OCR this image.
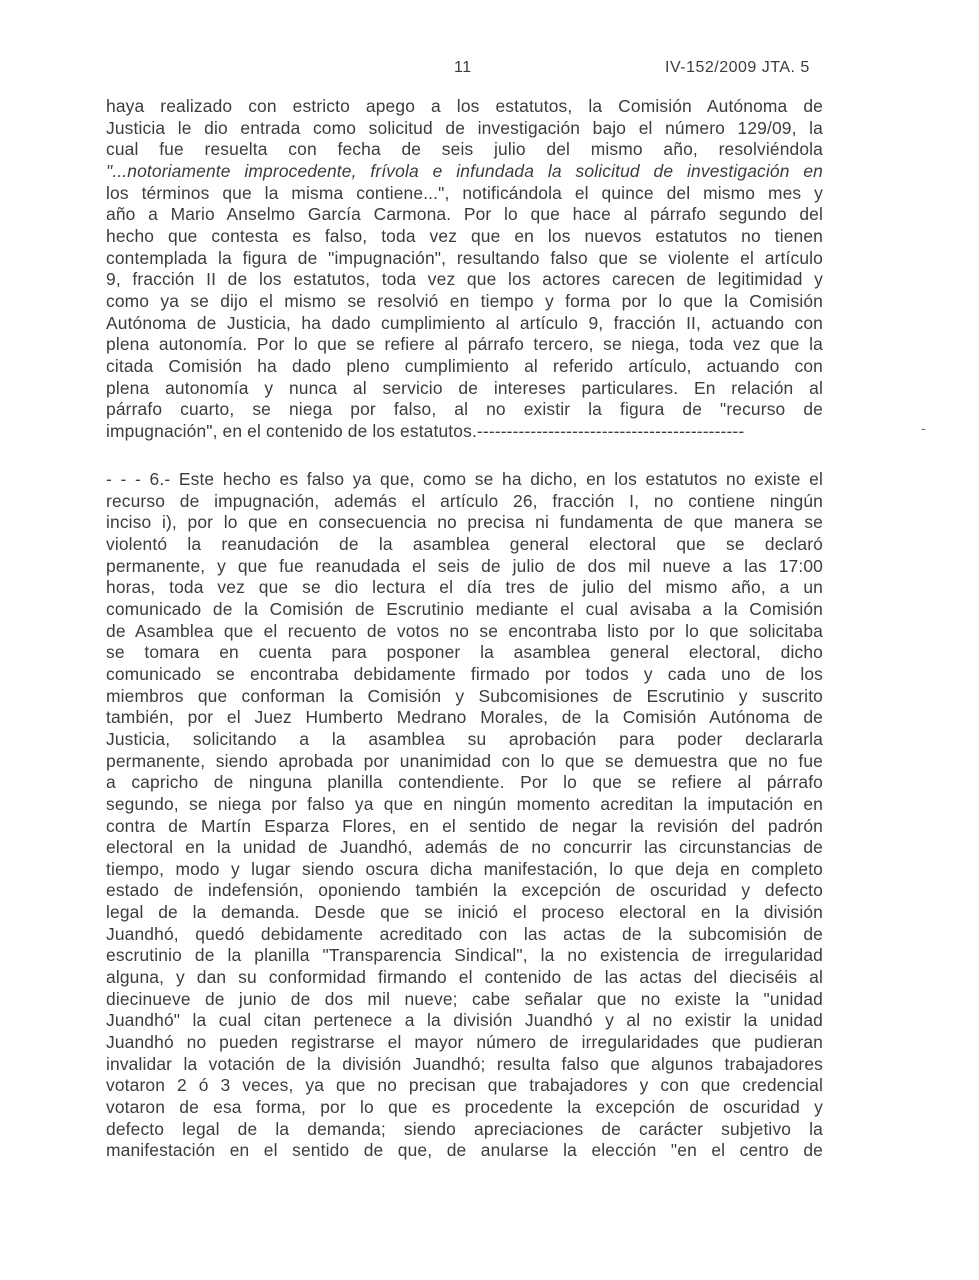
11	IV-152/2009 JTA. 5
haya realizado con estricto apego a los estatutos, la Comisión Autónoma de
Justicia le dio entrada como solicitud de investigación bajo el número 129/09, la
cual fue resuelta con fecha de seis julio del mismo año, resolviéndola
"...notoriamente improcedente, frívola e infundada la solicitud de investigación en
los términos que la misma contiene...", notificándola el quince del mismo mes y
año a Mario Anselmo García Carmona. Por lo que hace al párrafo segundo del
hecho que contesta es falso, toda vez que en los nuevos estatutos no tienen
contemplada la figura de "impugnación", resultando falso que se violente el artículo
9, fracción II de los estatutos, toda vez que los actores carecen de legitimidad y
como ya se dijo el mismo se resolvió en tiempo y forma por lo que la Comisión
Autónoma de Justicia, ha dado cumplimiento al artículo 9, fracción II, actuando con
plena autonomía. Por lo que se refiere al párrafo tercero, se niega, toda vez que la
citada Comisión ha dado pleno cumplimiento al referido artículo, actuando con
plena autonomía y nunca al servicio de intereses particulares. En relación al
párrafo cuarto, se niega por falso, al no existir la figura de "recurso de
impugnación", en el contenido de los estatutos.---------------------------------------------	-
- - - 6.- Este hecho es falso ya que, como se ha dicho, en los estatutos no existe el
recurso de impugnación, además el artículo 26, fracción I, no contiene ningún
inciso i), por lo que en consecuencia no precisa ni fundamenta de que manera se
violentó la reanudación de la asamblea general electoral que se declaró
permanente, y que fue reanudada el seis de julio de dos mil nueve a las 17:00
horas, toda vez que se dio lectura el día tres de julio del mismo año, a un
comunicado de la Comisión de Escrutinio mediante el cual avisaba a la Comisión
de Asamblea que el recuento de votos no se encontraba listo por lo que solicitaba
se tomara en cuenta para posponer la asamblea general electoral, dicho
comunicado se encontraba debidamente firmado por todos y cada uno de los
miembros que conforman la Comisión y Subcomisiones de Escrutinio y suscrito
también, por el Juez Humberto Medrano Morales, de la Comisión Autónoma de
Justicia, solicitando a la asamblea su aprobación para poder declararla
permanente, siendo aprobada por unanimidad con lo que se demuestra que no fue
a capricho de ninguna planilla contendiente. Por lo que se refiere al párrafo
segundo, se niega por falso ya que en ningún momento acreditan la imputación en
contra de Martín Esparza Flores, en el sentido de negar la revisión del padrón
electoral en la unidad de Juandhó, además de no concurrir las circunstancias de
tiempo, modo y lugar siendo oscura dicha manifestación, lo que deja en completo
estado de indefensión, oponiendo también la excepción de oscuridad y defecto
legal de la demanda. Desde que se inició el proceso electoral en la división
Juandhó, quedó debidamente acreditado con las actas de la subcomisión de
escrutinio de la planilla "Transparencia Sindical", la no existencia de irregularidad
alguna, y dan su conformidad firmando el contenido de las actas del dieciséis al
diecinueve de junio de dos mil nueve; cabe señalar que no existe la "unidad
Juandhó" la cual citan pertenece a la división Juandhó y al no existir la unidad
Juandhó no pueden registrarse el mayor número de irregularidades que pudieran
invalidar la votación de la división Juandhó; resulta falso que algunos trabajadores
votaron 2 ó 3 veces, ya que no precisan que trabajadores y con que credencial
votaron de esa forma, por lo que es procedente la excepción de oscuridad y
defecto legal de la demanda; siendo apreciaciones de carácter subjetivo la
manifestación en el sentido de que, de anularse la elección "en el centro de
